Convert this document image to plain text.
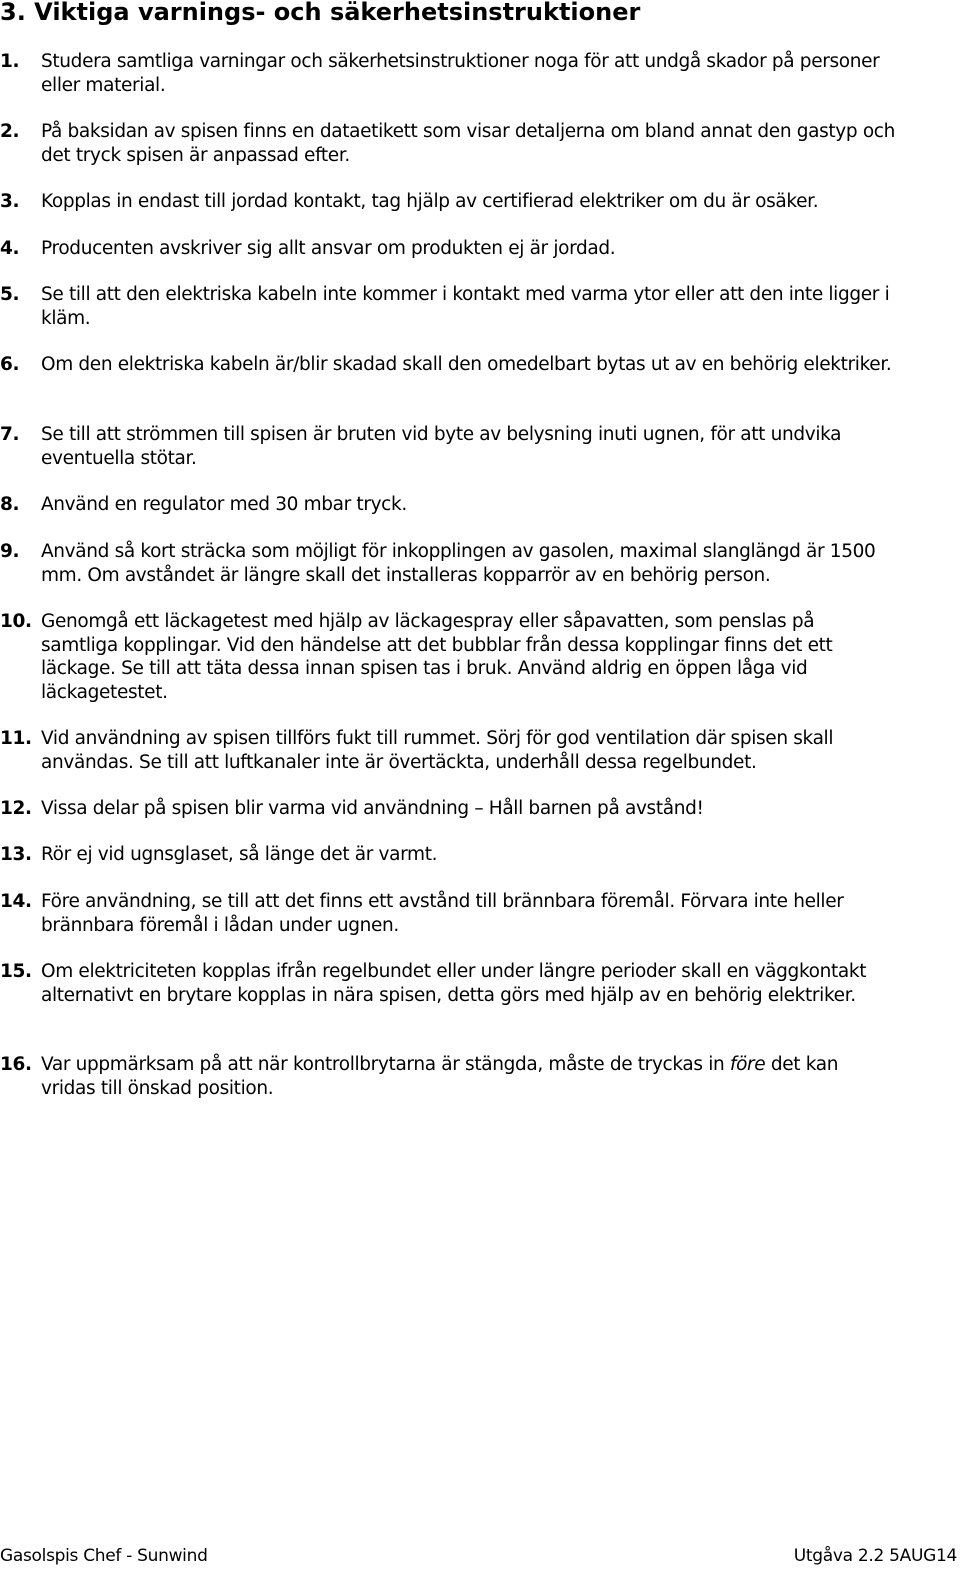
3. Viktiga varnings- och säkerhetsinstruktioner
1. Studera samtliga varningar och säkerhetsinstruktioner noga för att undgå skador på personer eller material.
2. På baksidan av spisen finns en dataetikett som visar detaljerna om bland annat den gastyp och det tryck spisen är anpassad efter.
3. Kopplas in endast till jordad kontakt, tag hjälp av certifierad elektriker om du är osäker.
4. Producenten avskriver sig allt ansvar om produkten ej är jordad.
5. Se till att den elektriska kabeln inte kommer i kontakt med varma ytor eller att den inte ligger i kläm.
6. Om den elektriska kabeln är/blir skadad skall den omedelbart bytas ut av en behörig elektriker.
7. Se till att strömmen till spisen är bruten vid byte av belysning inuti ugnen, för att undvika eventuella stötar.
8. Använd en regulator med 30 mbar tryck.
9. Använd så kort sträcka som möjligt för inkopplingen av gasolen, maximal slanglängd är 1500 mm. Om avståndet är längre skall det installeras kopparrör av en behörig person.
10. Genomgå ett läckagetest med hjälp av läckagespray eller såpavatten, som penslas på samtliga kopplingar. Vid den händelse att det bubblar från dessa kopplingar finns det ett läckage. Se till att täta dessa innan spisen tas i bruk. Använd aldrig en öppen låga vid läckagetestet.
11. Vid användning av spisen tillförs fukt till rummet. Sörj för god ventilation där spisen skall användas. Se till att luftkanaler inte är övertäckta, underhåll dessa regelbundet.
12. Vissa delar på spisen blir varma vid användning – Håll barnen på avstånd!
13. Rör ej vid ugnsglaset, så länge det är varmt.
14. Före användning, se till att det finns ett avstånd till brännbara föremål. Förvara inte heller brännbara föremål i lådan under ugnen.
15. Om elektriciteten kopplas ifrån regelbundet eller under längre perioder skall en väggkontakt alternativt en brytare kopplas in nära spisen, detta görs med hjälp av en behörig elektriker.
16. Var uppmärksam på att när kontrollbrytarna är stängda, måste de tryckas in före det kan vridas till önskad position.
Gasolspis Chef - Sunwind	Utgåva 2.2 5AUG14
